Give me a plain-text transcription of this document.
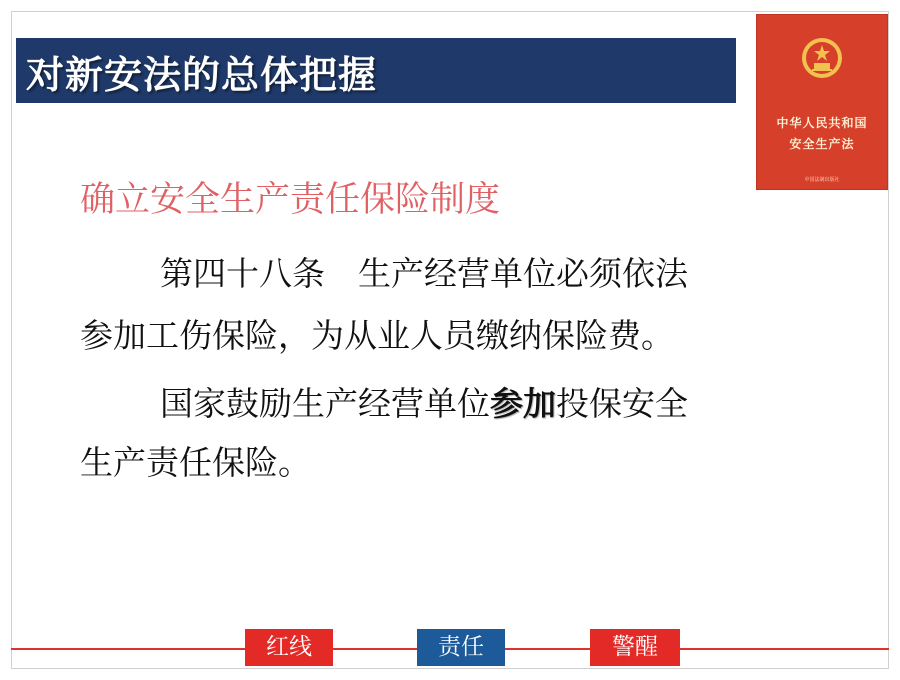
对新安法的总体把握
中华人民共和国
安全生产法
中国法制出版社
确立安全生产责任保险制度
第四十八条　生产经营单位必须依法
参加工伤保险，为从业人员缴纳保险费。
国家鼓励生产经营单位参加投保安全
生产责任保险。
红线	责任	警醒
